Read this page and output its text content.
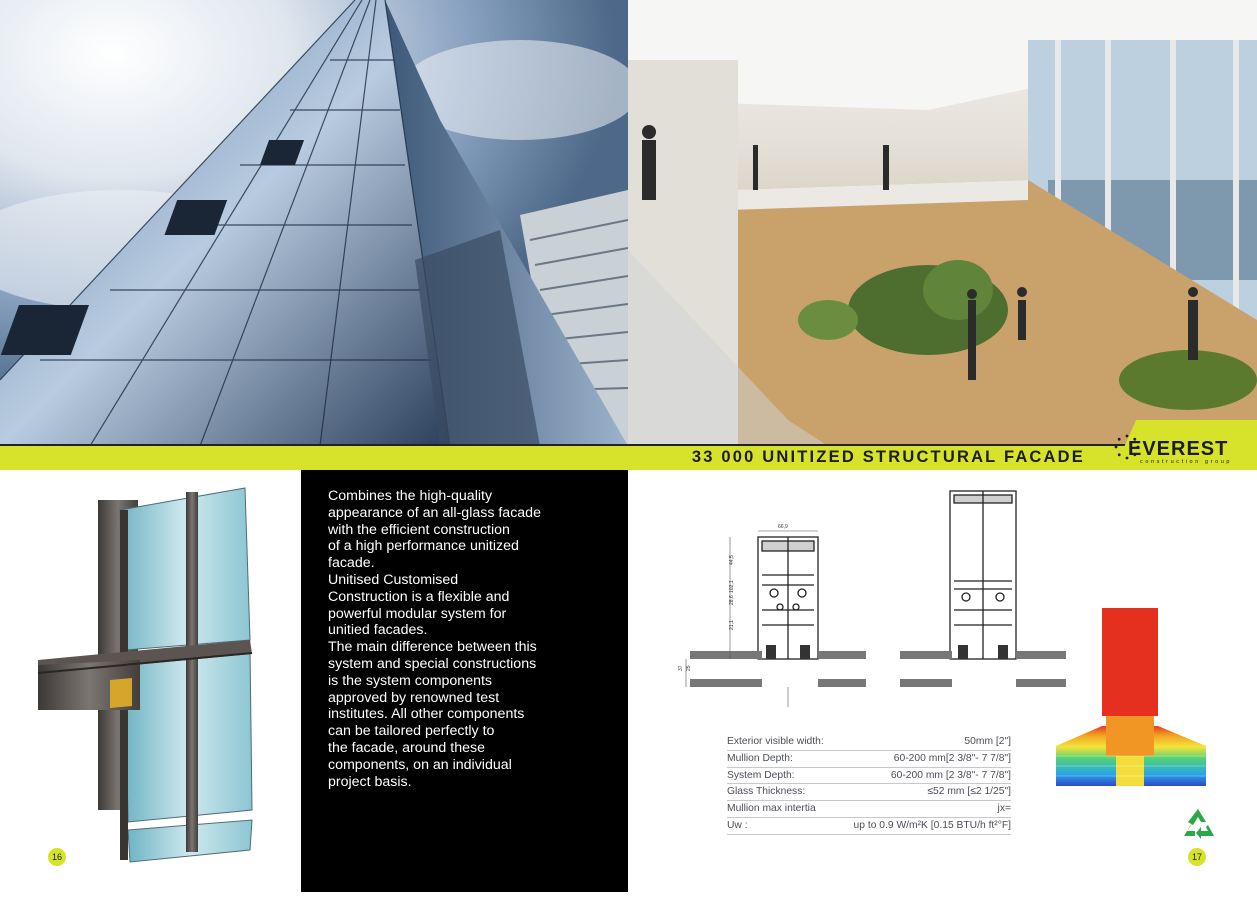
33 000 UNITIZED STRUCTURAL FACADE EVEREST
construction group
16
Combines the high-quality
appearance of an all-glass facade
with the efficient construction
of a high performance unitized
facade.
Unitised Customised
Construction is a flexible and
powerful modular system for
unitied facades.
The main difference between this
system and special constructions
is the system components
approved by renowned test
institutes. All other components
can be tailored perfectly to
the facade, around these
components, on an individual
project basis.
66,9
44,5
102,1
28,6
21,1
37 25
Exterior visible width:	50mm [2"]
Mullion Depth:	60-200 mm[2 3/8"- 7 7/8"]
System Depth:	60-200 mm [2 3/8"- 7 7/8"]
Glass Thickness:	≤52 mm [≤2 1/25"]
Mullion max intertia	jx=
Uw :	up to 0.9 W/m²K [0.15 BTU/h ft²°F]
17
